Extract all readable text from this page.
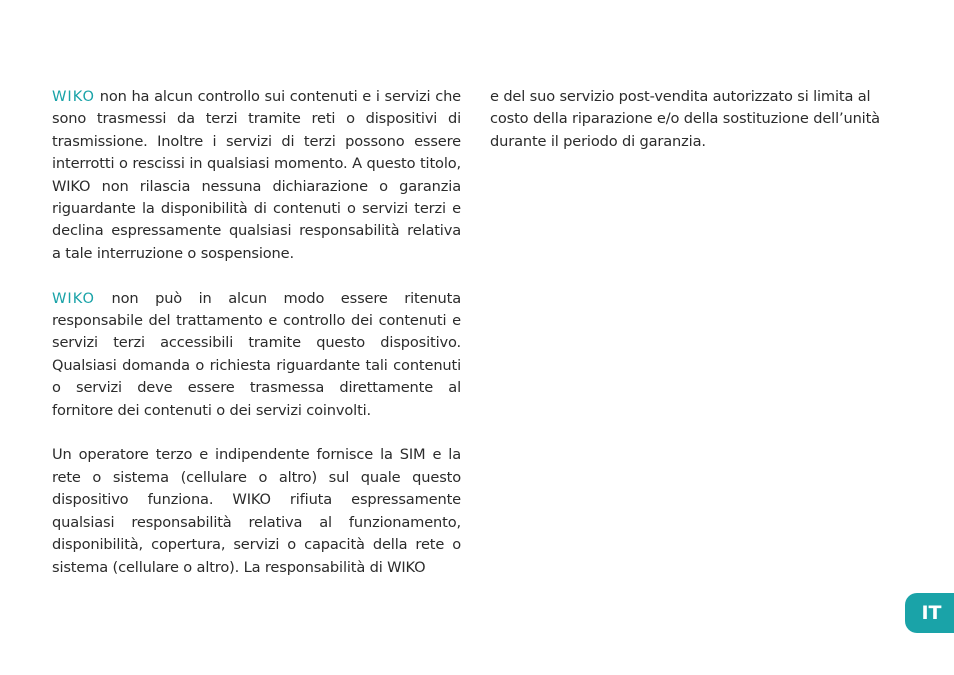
WIKO non ha alcun controllo sui contenuti e i servizi che sono trasmessi da terzi tramite reti o dispositivi di trasmissione. Inoltre i servizi di terzi possono essere interrotti o rescissi in qualsiasi momento. A questo titolo, WIKO non rilascia nessuna dichiarazione o garanzia riguardante la disponibilità di contenuti o servizi terzi e declina espressamente qualsiasi responsabilità relativa a tale interruzione o sospensione.

WIKO non può in alcun modo essere ritenuta responsabile del trattamento e controllo dei contenuti e servizi terzi accessibili tramite questo dispositivo. Qualsiasi domanda o richiesta riguardante tali contenuti o servizi deve essere trasmessa direttamente al fornitore dei contenuti o dei servizi coinvolti.

Un operatore terzo e indipendente fornisce la SIM e la rete o sistema (cellulare o altro) sul quale questo dispositivo funziona. WIKO rifiuta espressamente qualsiasi responsabilità relativa al funzionamento, disponibilità, copertura, servizi o capacità della rete o sistema (cellulare o altro). La responsabilità di WIKO

e del suo servizio post-vendita autorizzato si limita al costo della riparazione e/o della sostituzione dell’unità durante il periodo di garanzia.

IT
